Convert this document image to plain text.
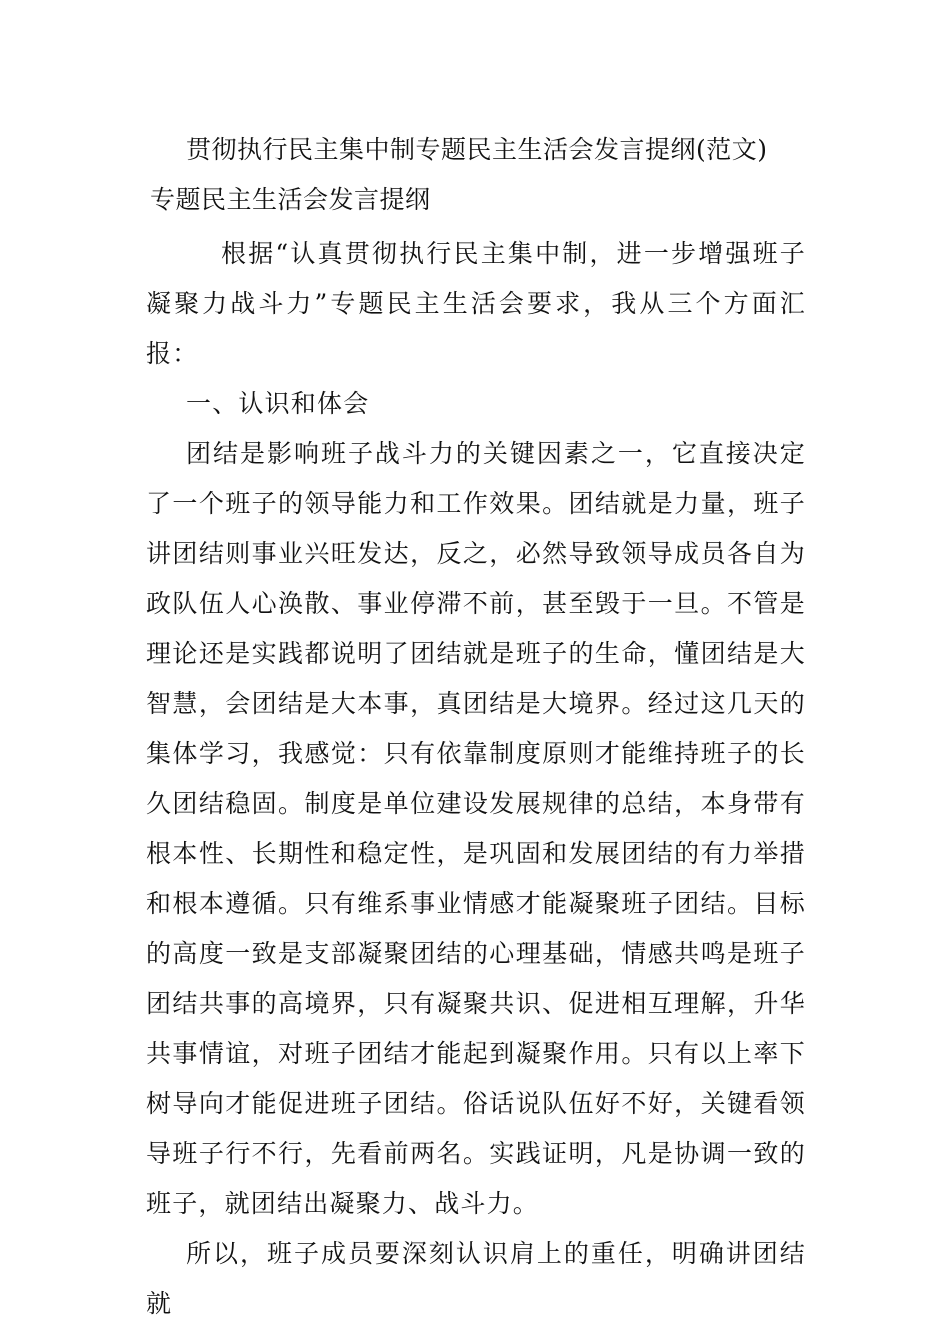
贯彻执行民主集中制专题民主生活会发言提纲(范文)
专题民主生活会发言提纲

根据“认真贯彻执行民主集中制，进一步增强班子凝聚力战斗力”专题民主生活会要求，我从三个方面汇报：

一、认识和体会

团结是影响班子战斗力的关键因素之一，它直接决定了一个班子的领导能力和工作效果。团结就是力量，班子讲团结则事业兴旺发达，反之，必然导致领导成员各自为政队伍人心涣散、事业停滞不前，甚至毁于一旦。不管是理论还是实践都说明了团结就是班子的生命，懂团结是大智慧，会团结是大本事，真团结是大境界。经过这几天的集体学习，我感觉：只有依靠制度原则才能维持班子的长久团结稳固。制度是单位建设发展规律的总结，本身带有根本性、长期性和稳定性，是巩固和发展团结的有力举措和根本遵循。只有维系事业情感才能凝聚班子团结。目标的高度一致是支部凝聚团结的心理基础，情感共鸣是班子团结共事的高境界，只有凝聚共识、促进相互理解，升华共事情谊，对班子团结才能起到凝聚作用。只有以上率下树导向才能促进班子团结。俗话说队伍好不好，关键看领导班子行不行，先看前两名。实践证明，凡是协调一致的班子，就团结出凝聚力、战斗力。

所以，班子成员要深刻认识肩上的重任，明确讲团结就
